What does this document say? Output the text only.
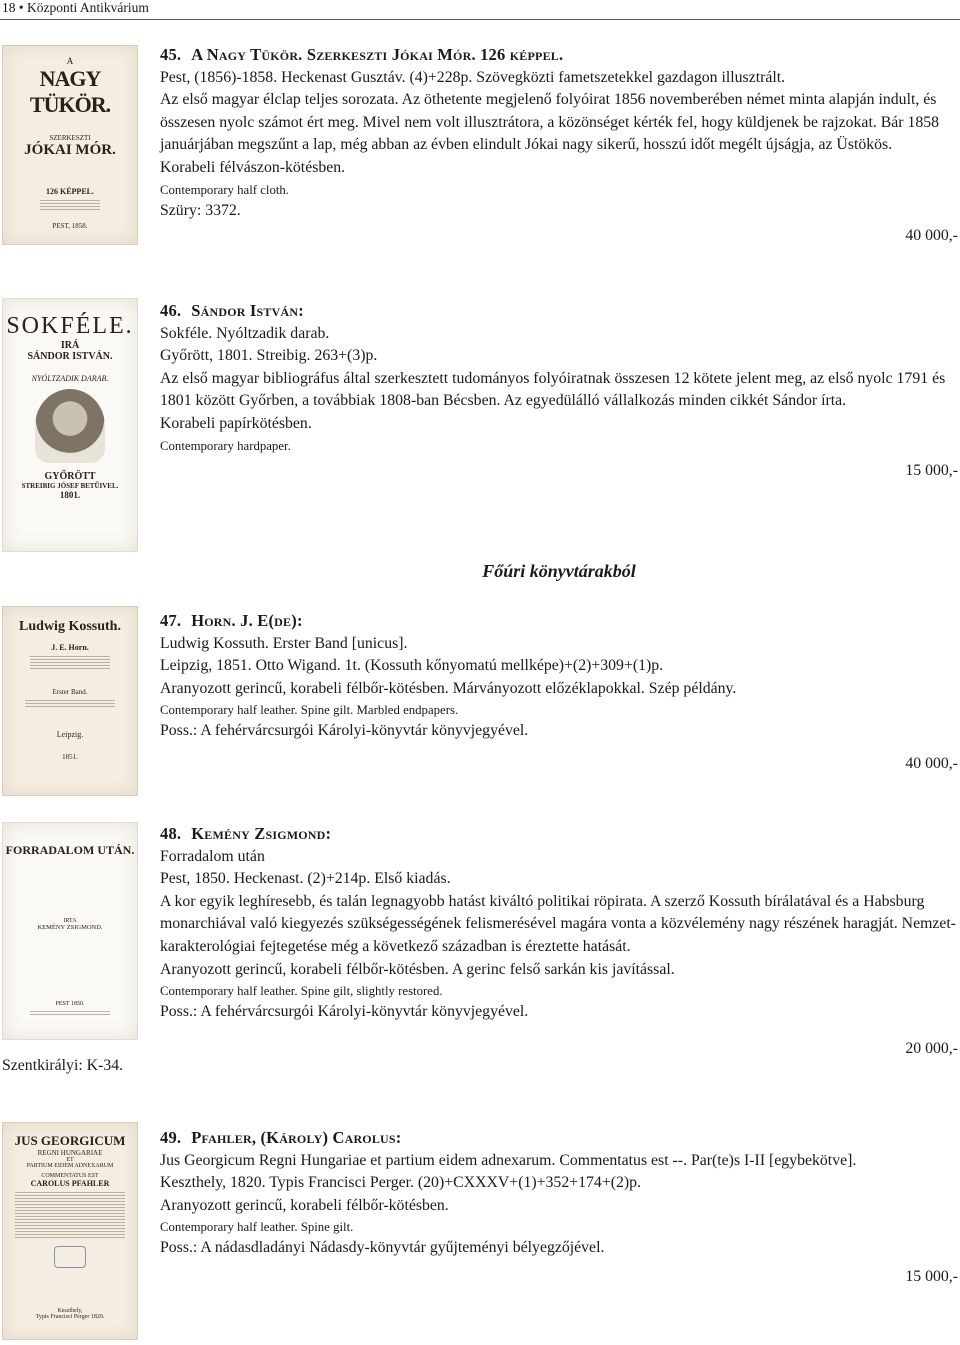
18 • Központi Antikvárium
A
NAGY TÜKÖR.
SZERKESZTI
JÓKAI MÓR.
126 KÉPPEL.
PEST, 1858.
SOKFÉLE.
IRÁ
SÁNDOR ISTVÁN.
NYÓLTZADIK DARAB.
GYŐRÖTT
STREIBIG JÓSEF BETŰIVEL.
1801.
Ludwig Kossuth.
J. E. Horn.
Erster Band.
Leipzig.
1851.
FORRADALOM UTÁN.
IRTA
KEMÉNY ZSIGMOND.
PEST 1850.
JUS GEORGICUM
REGNI HUNGARIAE
ET
PARTIUM EIDEM ADNEXARUM
COMMENTATUS EST
CAROLUS PFAHLER
Keszthely,
Typis Francisci Perger 1820.
Szentkirályi: K-34.

45. A Nagy Tükör. Szerkeszti Jókai Mór. 126 képpel.

Pest, (1856)-1858. Heckenast Gusztáv. (4)+228p. Szövegközti fametszetekkel gazdagon illusztrált.

Az első magyar élclap teljes sorozata. Az öthetente megjelenő folyóirat 1856 novemberében német minta alapján indult, és összesen nyolc számot ért meg. Mivel nem volt illusztrátora, a közönséget kérték fel, hogy küldjenek be rajzokat. Bár 1858 januárjában megszűnt a lap, még abban az évben elindult Jókai nagy sikerű, hosszú időt megélt újságja, az Üstökös.

Korabeli félvászon-kötésben.

Contemporary half cloth.

Szüry: 3372.

40 000,-

46. Sándor István:

Sokféle. Nyóltzadik darab.

Győrött, 1801. Streibig. 263+(3)p.

Az első magyar bibliográfus által szerkesztett tudományos folyóiratnak összesen 12 kötete jelent meg, az első nyolc 1791 és 1801 között Győrben, a továbbiak 1808-ban Bécsben. Az egyedülálló vállalkozás minden cikkét Sándor írta.

Korabeli papírkötésben.

Contemporary hardpaper.

15 000,-

Főúri könyvtárakból

47. Horn. J. E(de):

Ludwig Kossuth. Erster Band [unicus].

Leipzig, 1851. Otto Wigand. 1t. (Kossuth kőnyomatú mellképe)+(2)+309+(1)p.

Aranyozott gerincű, korabeli félbőr-kötésben. Márványozott előzéklapokkal. Szép példány.

Contemporary half leather. Spine gilt. Marbled endpapers.

Poss.: A fehérvárcsurgói Károlyi-könyvtár könyvjegyével.

40 000,-

48. Kemény Zsigmond:

Forradalom után

Pest, 1850. Heckenast. (2)+214p. Első kiadás.

A kor egyik leghíresebb, és talán legnagyobb hatást kiváltó politikai röpirata. A szerző Kossuth bírálatával és a Habsburg monarchiával való kiegyezés szükségességének felismerésével magára vonta a közvélemény nagy részének haragját. Nemzet-karakterológiai fejtegetése még a következő században is éreztette hatását.

Aranyozott gerincű, korabeli félbőr-kötésben. A gerinc felső sarkán kis javítással.

Contemporary half leather. Spine gilt, slightly restored.

Poss.: A fehérvárcsurgói Károlyi-könyvtár könyvjegyével.

20 000,-

49. Pfahler, (Károly) Carolus:

Jus Georgicum Regni Hungariae et partium eidem adnexarum. Commentatus est --. Par(te)s I-II [egybekötve].

Keszthely, 1820. Typis Francisci Perger. (20)+CXXXV+(1)+352+174+(2)p.

Aranyozott gerincű, korabeli félbőr-kötésben.

Contemporary half leather. Spine gilt.

Poss.: A nádasdladányi Nádasdy-könyvtár gyűjteményi bélyegzőjével.

15 000,-
